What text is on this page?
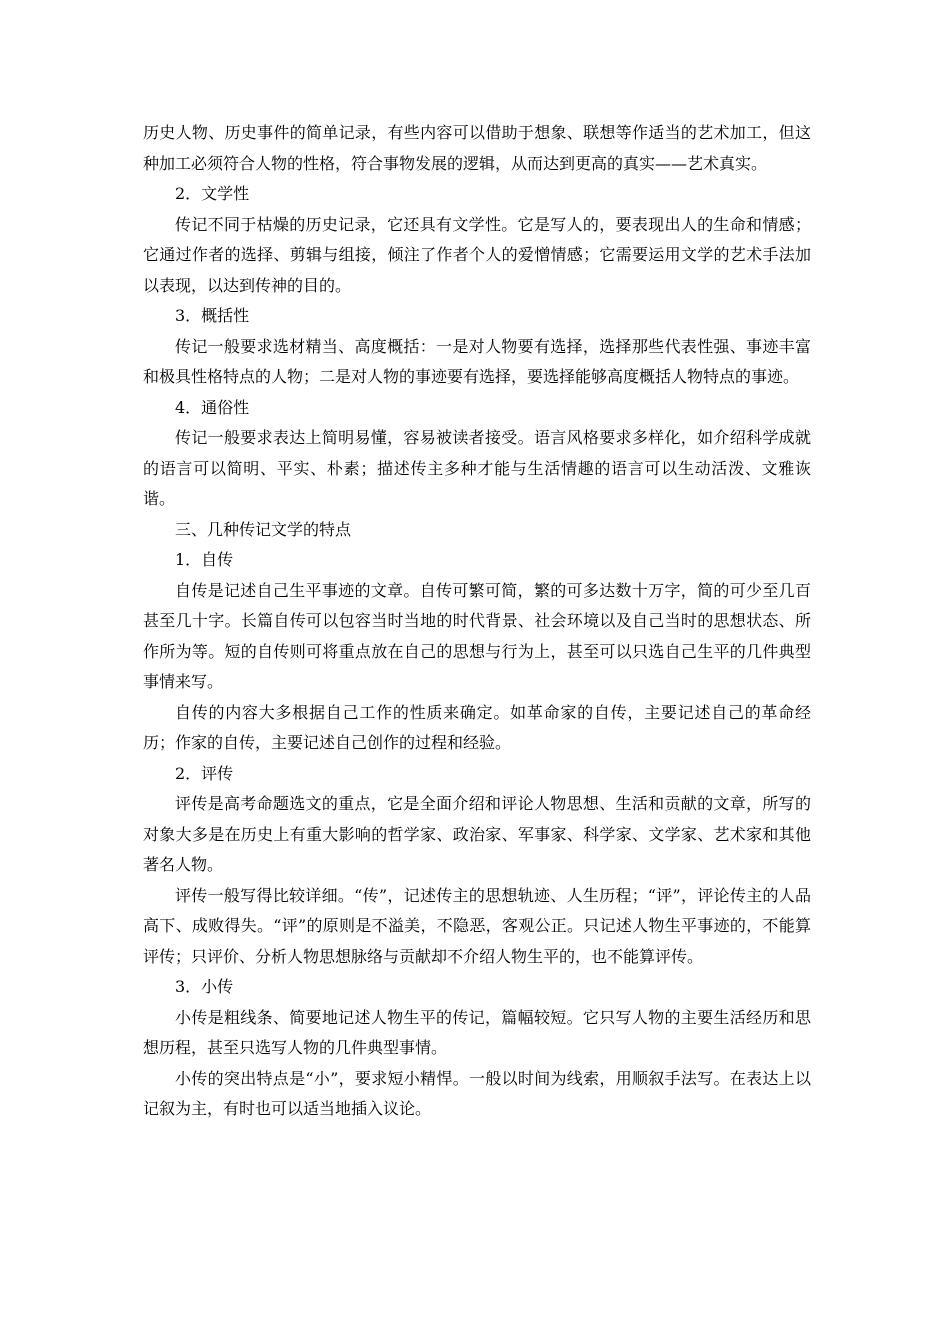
历史人物、历史事件的简单记录，有些内容可以借助于想象、联想等作适当的艺术加工，但这种加工必须符合人物的性格，符合事物发展的逻辑，从而达到更高的真实——艺术真实。

2．文学性

传记不同于枯燥的历史记录，它还具有文学性。它是写人的，要表现出人的生命和情感；它通过作者的选择、剪辑与组接，倾注了作者个人的爱憎情感；它需要运用文学的艺术手法加以表现，以达到传神的目的。

3．概括性

传记一般要求选材精当、高度概括：一是对人物要有选择，选择那些代表性强、事迹丰富和极具性格特点的人物；二是对人物的事迹要有选择，要选择能够高度概括人物特点的事迹。

4．通俗性

传记一般要求表达上简明易懂，容易被读者接受。语言风格要求多样化，如介绍科学成就的语言可以简明、平实、朴素；描述传主多种才能与生活情趣的语言可以生动活泼、文雅诙谐。

三、几种传记文学的特点

1．自传

自传是记述自己生平事迹的文章。自传可繁可简，繁的可多达数十万字，简的可少至几百甚至几十字。长篇自传可以包容当时当地的时代背景、社会环境以及自己当时的思想状态、所作所为等。短的自传则可将重点放在自己的思想与行为上，甚至可以只选自己生平的几件典型事情来写。

自传的内容大多根据自己工作的性质来确定。如革命家的自传，主要记述自己的革命经历；作家的自传，主要记述自己创作的过程和经验。

2．评传

评传是高考命题选文的重点，它是全面介绍和评论人物思想、生活和贡献的文章，所写的对象大多是在历史上有重大影响的哲学家、政治家、军事家、科学家、文学家、艺术家和其他著名人物。

评传一般写得比较详细。“传”，记述传主的思想轨迹、人生历程；“评”，评论传主的人品高下、成败得失。“评”的原则是不溢美，不隐恶，客观公正。只记述人物生平事迹的，不能算评传；只评价、分析人物思想脉络与贡献却不介绍人物生平的，也不能算评传。

3．小传

小传是粗线条、简要地记述人物生平的传记，篇幅较短。它只写人物的主要生活经历和思想历程，甚至只选写人物的几件典型事情。

小传的突出特点是“小”，要求短小精悍。一般以时间为线索，用顺叙手法写。在表达上以记叙为主，有时也可以适当地插入议论。
